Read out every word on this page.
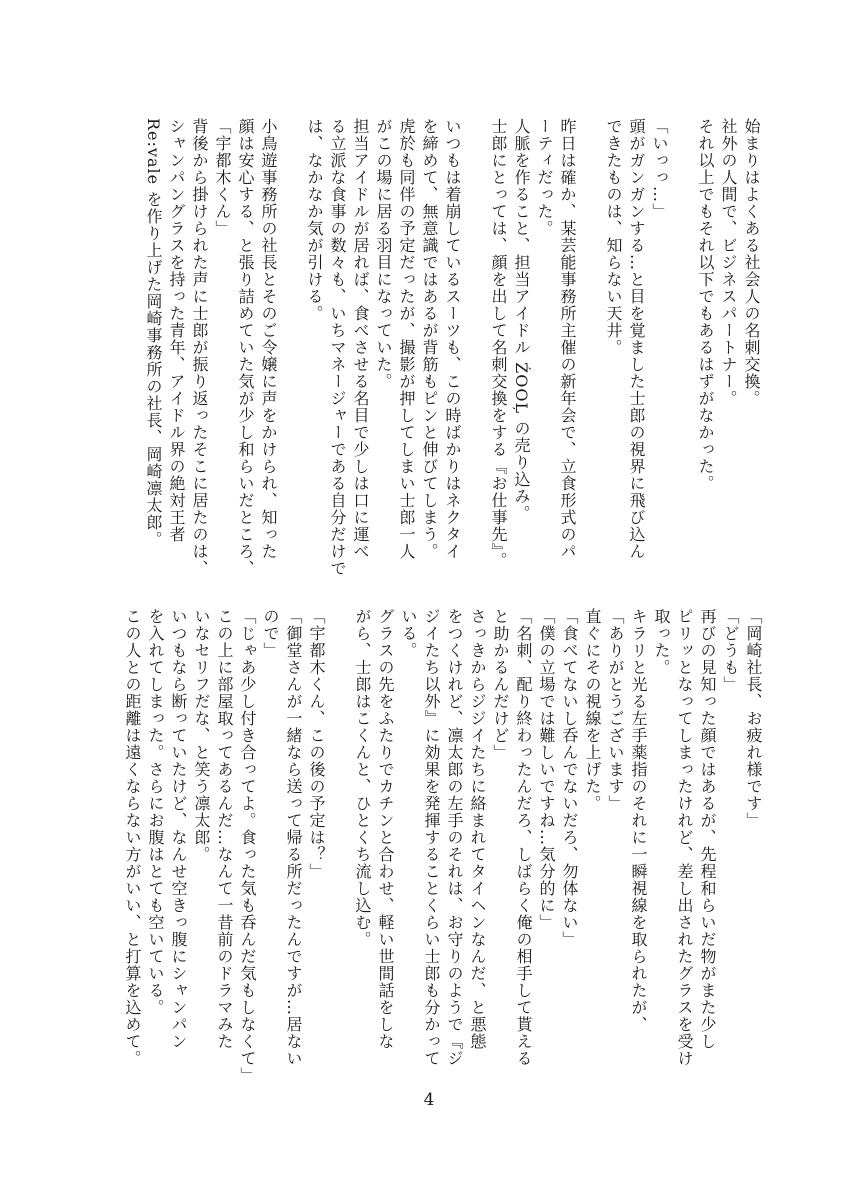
始まりはよくある社会人の名刺交換。
社外の人間で、ビジネスパートナー。
それ以上でもそれ以下でもあるはずがなかった。

「いっっ…」
頭がガンガンする…と目を覚ました士郎の視界に飛び込ん
できたものは、知らない天井。

昨日は確か、某芸能事務所主催の新年会で、立食形式のパ
ーティだった。
人脈を作ること、担当アイドル ŹOOĻ の売り込み。
士郎にとっては、顔を出して名刺交換をする『お仕事先』。

いつもは着崩しているスーツも、この時ばかりはネクタイ
を締めて、無意識ではあるが背筋もピンと伸びてしまう。
虎於も同伴の予定だったが、撮影が押してしまい士郎一人
がこの場に居る羽目になっていた。
担当アイドルが居れば、食べさせる名目で少しは口に運べ
る立派な食事の数々も、いちマネージャーである自分だけで
は、なかなか気が引ける。

小鳥遊事務所の社長とそのご令嬢に声をかけられ、知った
顔は安心する、と張り詰めていた気が少し和らいだところ、
「宇都木くん」
背後から掛けられた声に士郎が振り返ったそこに居たのは、
シャンパングラスを持った青年、アイドル界の絶対王者
Re:vale を作り上げた岡崎事務所の社長、岡崎凛太郎。
「岡崎社長、お疲れ様です」
「どうも」
再びの見知った顔ではあるが、先程和らいだ物がまた少し
ピリッとなってしまったけれど、差し出されたグラスを受け
取った。
キラリと光る左手薬指のそれに一瞬視線を取られたが、
「ありがとうございます」
直ぐにその視線を上げた。
「食べてないし呑んでないだろ、勿体ない」
「僕の立場では難しいですね…気分的に」
「名刺、配り終わったんだろ、しばらく俺の相手して貰える
と助かるんだけど」
さっきからジジイたちに絡まれてタイヘンなんだ、と悪態
をつくけれど、凛太郎の左手のそれは、お守りのようで『ジ
ジイたち以外』に効果を発揮することくらい士郎も分かって
いる。
グラスの先をふたりでカチンと合わせ、軽い世間話をしな
がら、士郎はこくんと、ひとくち流し込む。

「宇都木くん、この後の予定は？」
「御堂さんが一緒なら送って帰る所だったんですが…居ない
ので」
「じゃあ少し付き合ってよ。食った気も呑んだ気もしなくて」
この上に部屋取ってあるんだ…なんて一昔前のドラマみた
いなセリフだな、と笑う凛太郎。
いつもなら断っていたけど、なんせ空きっ腹にシャンパン
を入れてしまった。さらにお腹はとても空いている。
この人との距離は遠くならない方がいい、と打算を込めて。
4
